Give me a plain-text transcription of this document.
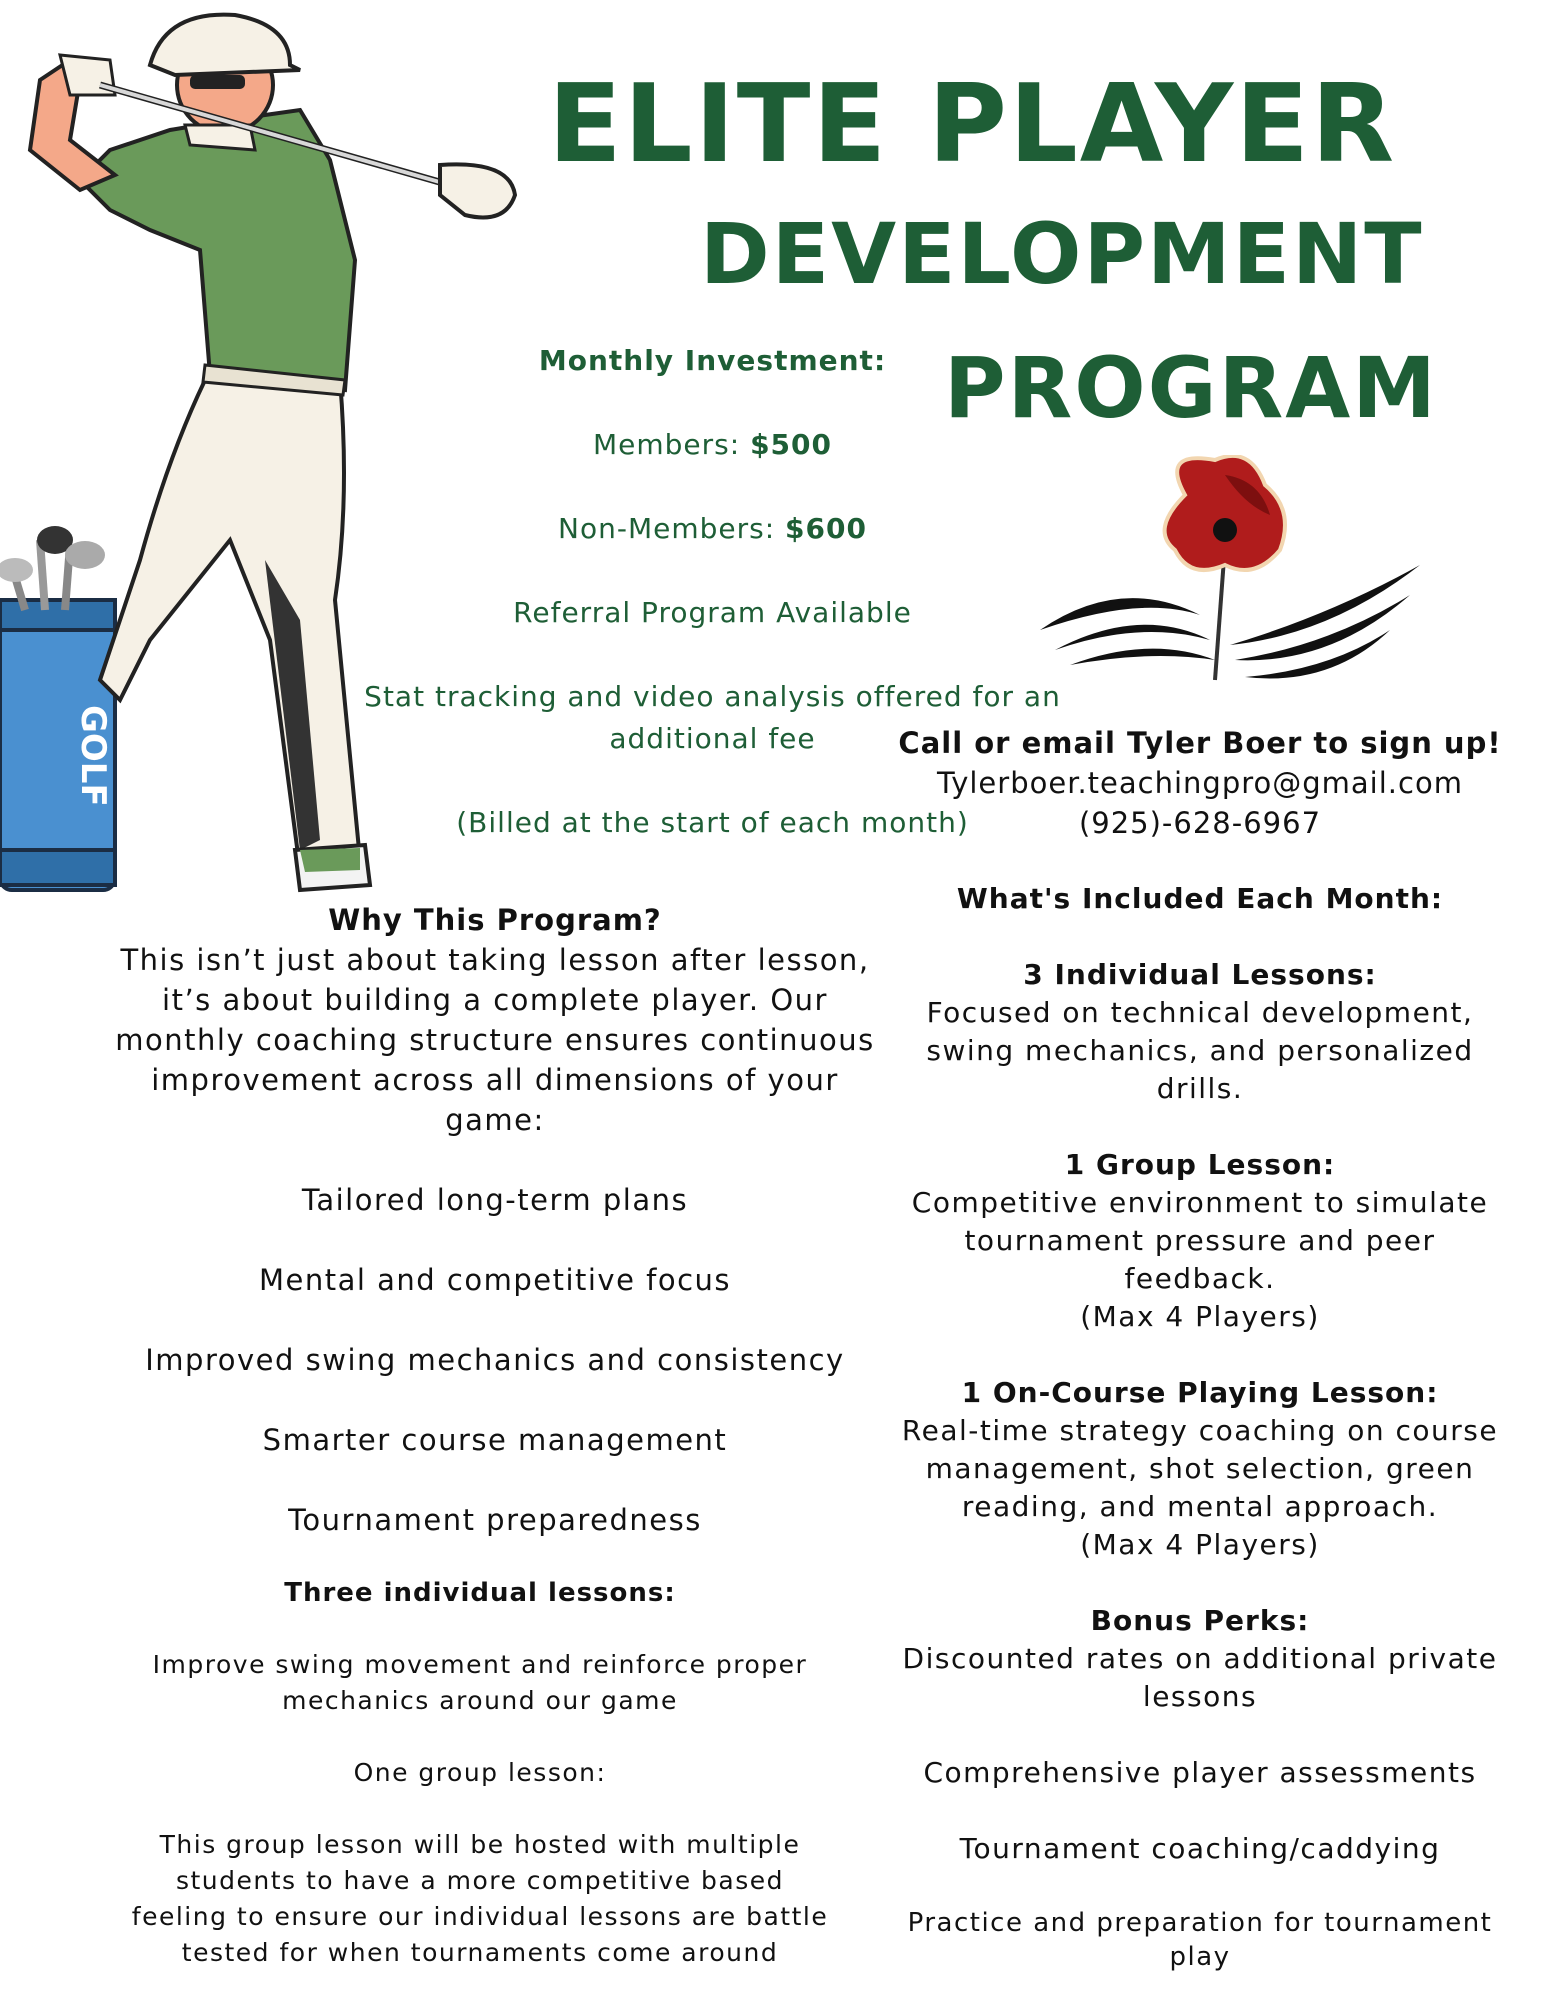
GOLF
ELITE PLAYER
DEVELOPMENT
PROGRAM
Monthly Investment:
Members: $500
Non-Members: $600
Referral Program Available
Stat tracking and video analysis offered for an
additional fee
(Billed at the start of each month)
Call or email Tyler Boer to sign up!
Tylerboer.teachingpro@gmail.com
(925)-628-6967
Why This Program?
This isn’t just about taking lesson after lesson,
it’s about building a complete player. Our
monthly coaching structure ensures continuous
improvement across all dimensions of your
game:
Tailored long-term plans
Mental and competitive focus
Improved swing mechanics and consistency
Smarter course management
Tournament preparedness
Three individual lessons:
Improve swing movement and reinforce proper
mechanics around our game
One group lesson:
This group lesson will be hosted with multiple
students to have a more competitive based
feeling to ensure our individual lessons are battle
tested for when tournaments come around
What's Included Each Month:
3 Individual Lessons:
Focused on technical development,
swing mechanics, and personalized
drills.
1 Group Lesson:
Competitive environment to simulate
tournament pressure and peer
feedback.
(Max 4 Players)
1 On-Course Playing Lesson:
Real-time strategy coaching on course
management, shot selection, green
reading, and mental approach.
(Max 4 Players)
Bonus Perks:
Discounted rates on additional private
lessons
Comprehensive player assessments
Tournament coaching/caddying
Practice and preparation for tournament
play
